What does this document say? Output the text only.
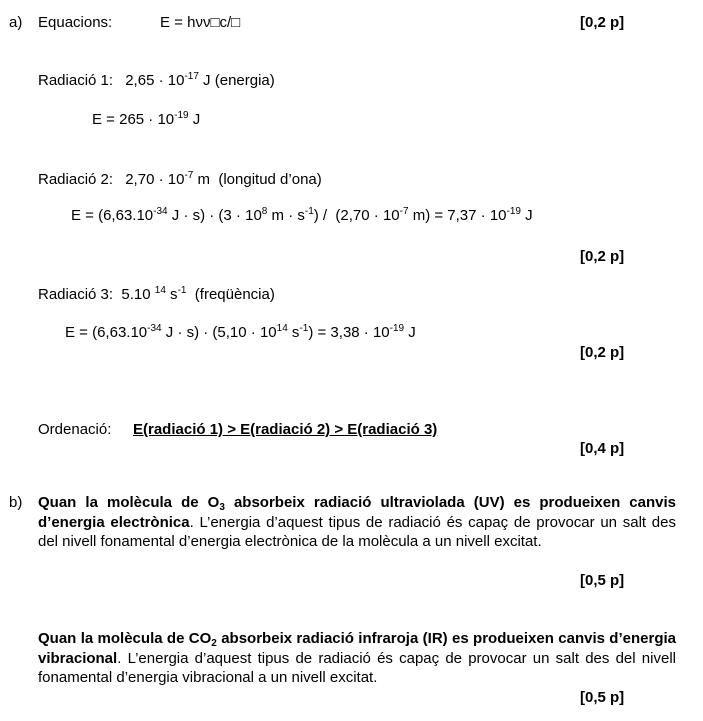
a) Equacions:	E = hνν□c/□	[0,2 p]
Radiació 1: $2,65 \cdot 10^{-17}$ J (energia)
$E = 265 \cdot 10^{-19}$ J
Radiació 2: $2,70 \cdot 10^{-7}$ m  (longitud d’ona)
$E = (6,63.10^{-34}$ $J \cdot s) \cdot (3 \cdot 10^8$ $m \cdot s^{-1}) / (2,70 \cdot 10^{-7}$ $m) = 7,37 \cdot 10^{-19}$ J
[0,2 p]
Radiació 3: 5.10 $^{14}$ $s^{-1}$  (freqüència)
$E = (6,63.10^{-34}$ $J \cdot s) \cdot (5,10 \cdot 10^{14}$ $s^{-1}) = 3,38 \cdot 10^{-19}$ J
[0,2 p]
Ordenació: E(radiació 1) > E(radiació 2) > E(radiació 3)
[0,4 p]
b) Quan la molècula de $O_3$ absorbeix radiació ultraviolada (UV) es produeixen canvis d’energia electrònica. L’energia d’aquest tipus de radiació és capaç de provocar un salt des del nivell fonamental d’energia electrònica de la molècula a un nivell excitat.
[0,5 p]
Quan la molècula de $CO_2$ absorbeix radiació infraroja (IR) es produeixen canvis d’energia vibracional. L’energia d’aquest tipus de radiació és capaç de provocar un salt des del nivell fonamental d’energia vibracional a un nivell excitat.
[0,5 p]
